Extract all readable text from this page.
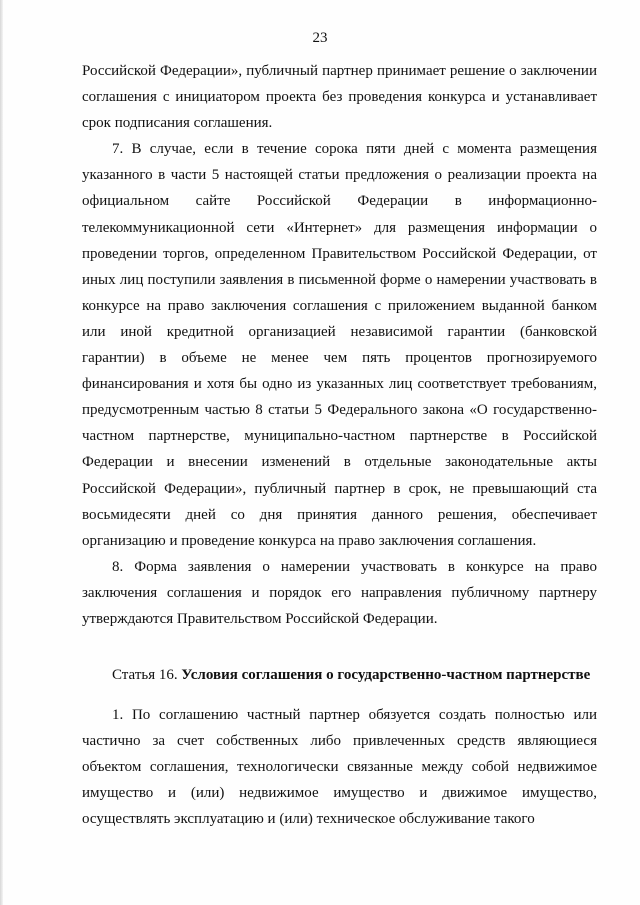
23

Российской Федерации», публичный партнер принимает решение о заключении соглашения с инициатором проекта без проведения конкурса и устанавливает срок подписания соглашения.

7. В случае, если в течение сорока пяти дней с момента размещения указанного в части 5 настоящей статьи предложения о реализации проекта на официальном сайте Российской Федерации в информационно-телекоммуникационной сети «Интернет» для размещения информации о проведении торгов, определенном Правительством Российской Федерации, от иных лиц поступили заявления в письменной форме о намерении участвовать в конкурсе на право заключения соглашения с приложением выданной банком или иной кредитной организацией независимой гарантии (банковской гарантии) в объеме не менее чем пять процентов прогнозируемого финансирования и хотя бы одно из указанных лиц соответствует требованиям, предусмотренным частью 8 статьи 5 Федерального закона «О государственно-частном партнерстве, муниципально-частном партнерстве в Российской Федерации и внесении изменений в отдельные законодательные акты Российской Федерации», публичный партнер в срок, не превышающий ста восьмидесяти дней со дня принятия данного решения, обеспечивает организацию и проведение конкурса на право заключения соглашения.

8. Форма заявления о намерении участвовать в конкурсе на право заключения соглашения и порядок его направления публичному партнеру утверждаются Правительством Российской Федерации.

Статья 16. Условия соглашения о государственно-частном партнерстве

1. По соглашению частный партнер обязуется создать полностью или частично за счет собственных либо привлеченных средств являющиеся объектом соглашения, технологически связанные между собой недвижимое имущество и (или) недвижимое имущество и движимое имущество, осуществлять эксплуатацию и (или) техническое обслуживание такого
